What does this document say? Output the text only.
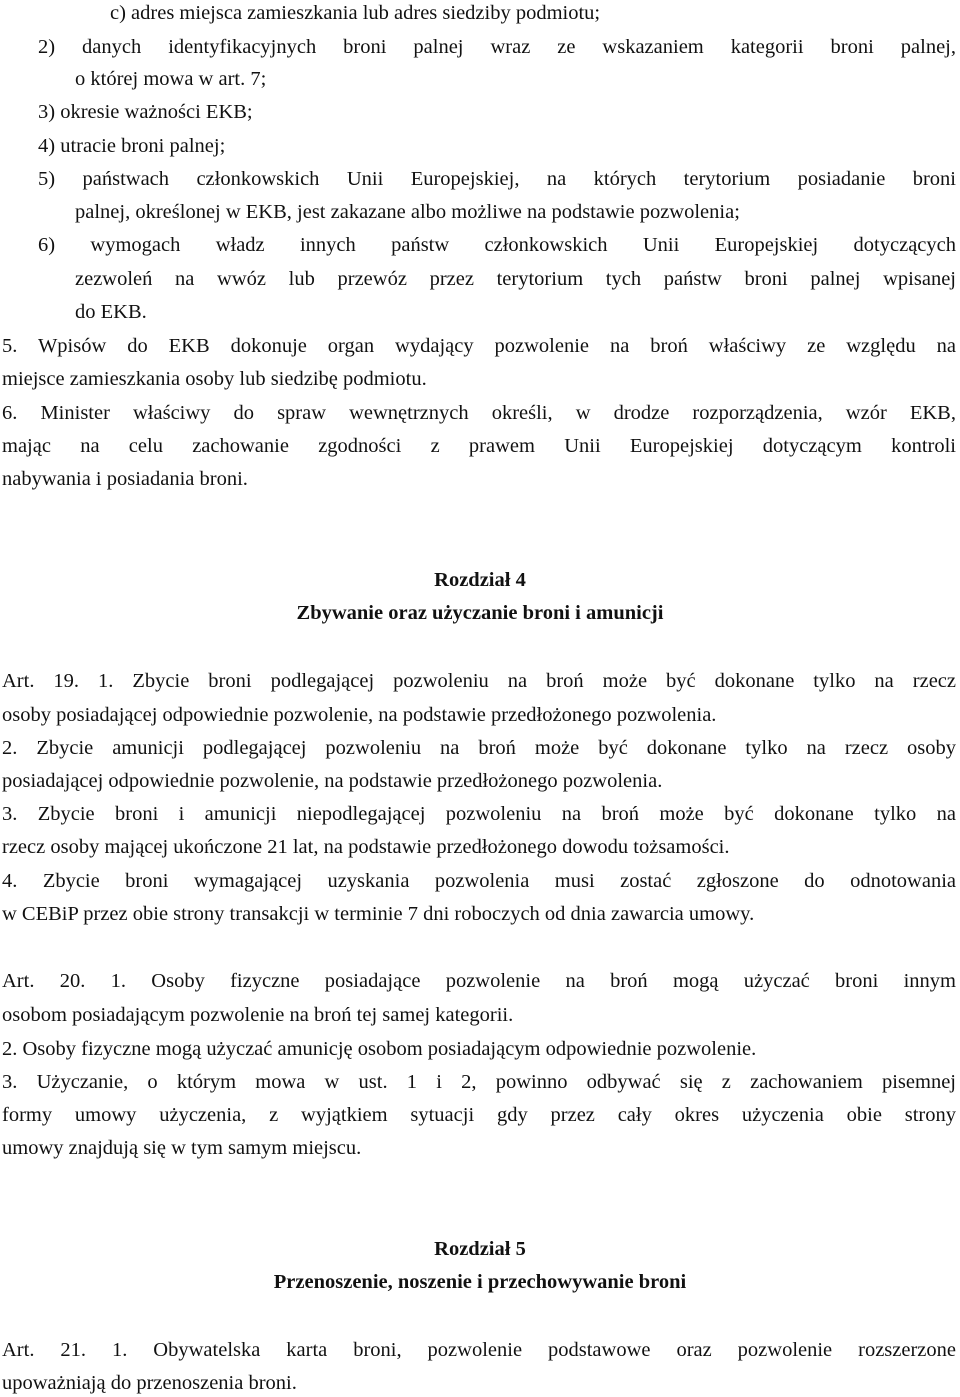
c) adres miejsca zamieszkania lub adres siedziby podmiotu;
2) danych identyfikacyjnych broni palnej wraz ze wskazaniem kategorii broni palnej,
o której mowa w art. 7;
3) okresie ważności EKB;
4) utracie broni palnej;
5) państwach członkowskich Unii Europejskiej, na których terytorium posiadanie broni
palnej, określonej w EKB, jest zakazane albo możliwe na podstawie pozwolenia;
6) wymogach władz innych państw członkowskich Unii Europejskiej dotyczących
zezwoleń na wwóz lub przewóz przez terytorium tych państw broni palnej wpisanej
do EKB.
5. Wpisów do EKB dokonuje organ wydający pozwolenie na broń właściwy ze względu na
miejsce zamieszkania osoby lub siedzibę podmiotu.
6. Minister właściwy do spraw wewnętrznych określi, w drodze rozporządzenia, wzór EKB,
mając na celu zachowanie zgodności z prawem Unii Europejskiej dotyczącym kontroli
nabywania i posiadania broni.
Rozdział 4
Zbywanie oraz użyczanie broni i amunicji
Art. 19. 1. Zbycie broni podlegającej pozwoleniu na broń może być dokonane tylko na rzecz
osoby posiadającej odpowiednie pozwolenie, na podstawie przedłożonego pozwolenia.
2. Zbycie amunicji podlegającej pozwoleniu na broń może być dokonane tylko na rzecz osoby
posiadającej odpowiednie pozwolenie, na podstawie przedłożonego pozwolenia.
3. Zbycie broni i amunicji niepodlegającej pozwoleniu na broń może być dokonane tylko na
rzecz osoby mającej ukończone 21 lat, na podstawie przedłożonego dowodu tożsamości.
4. Zbycie broni wymagającej uzyskania pozwolenia musi zostać zgłoszone do odnotowania
w CEBiP przez obie strony transakcji w terminie 7 dni roboczych od dnia zawarcia umowy.
Art. 20. 1. Osoby fizyczne posiadające pozwolenie na broń mogą użyczać broni innym
osobom posiadającym pozwolenie na broń tej samej kategorii.
2. Osoby fizyczne mogą użyczać amunicję osobom posiadającym odpowiednie pozwolenie.
3. Użyczanie, o którym mowa w ust. 1 i 2, powinno odbywać się z zachowaniem pisemnej
formy umowy użyczenia, z wyjątkiem sytuacji gdy przez cały okres użyczenia obie strony
umowy znajdują się w tym samym miejscu.
Rozdział 5
Przenoszenie, noszenie i przechowywanie broni
Art. 21. 1. Obywatelska karta broni, pozwolenie podstawowe oraz pozwolenie rozszerzone
upoważniają do przenoszenia broni.
